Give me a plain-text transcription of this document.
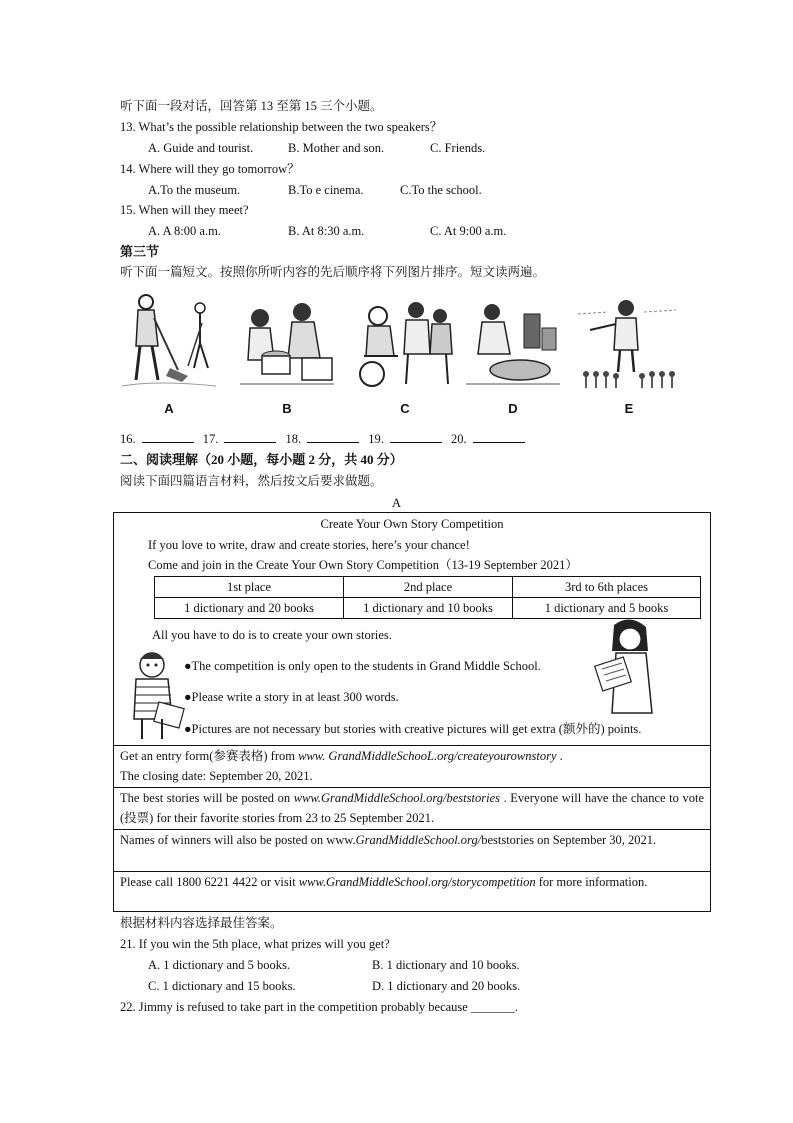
听下面一段对话，回答第 13 至第 15 三个小题。
13. What’s the possible relationship between the two speakers？
A. Guide and tourist.	B. Mother and son.	C. Friends.
14. Where will they go tomorrow？
A.To the museum.	B.To e cinema.	C.To the school.
15. When will they meet?
A. A 8:00 a.m.	B. At 8:30 a.m.	C. At 9:00 a.m.
第三节
听下面一篇短文。按照你所听内容的先后顺序将下列图片排序。短文读两遍。
A	B	C	D	E
16.	17.	18.	19.	20.
二、阅读理解（20 小题，每小题 2 分，共 40 分）
阅读下面四篇语言材料，然后按文后要求做题。
A
Create Your Own Story Competition
If you love to write, draw and create stories, here’s your chance!
Come and join in the Create Your Own Story Competition（13-19 September 2021）
1st place	2nd place	3rd to 6th places
1 dictionary and 20 books	1 dictionary and 10 books	1 dictionary and 5 books
All you have to do is to create your own stories.
●The competition is only open to the students in Grand Middle School.
●Please write a story in at least 300 words.
●Pictures are not necessary but stories with creative pictures will get extra (额外的) points.
Get an entry form(参赛表格) from www. GrandMiddleSchooL.org/createyourownstory .
The closing date: September 20, 2021.
The best stories will be posted on www.GrandMiddleSchool.org/beststories . Everyone will have the chance to vote (投票) for their favorite stories from 23 to 25 September 2021.
Names of winners will also be posted on www.GrandMiddleSchool.org/beststories on September 30, 2021.
Please call 1800 6221 4422 or visit www.GrandMiddleSchool.org/storycompetition for more information.
根据材料内容选择最佳答案。
21. If you win the 5th place, what prizes will you get?
A. 1 dictionary and 5 books.	B. 1 dictionary and 10 books.
C. 1 dictionary and 15 books.	D. 1 dictionary and 20 books.
22. Jimmy is refused to take part in the competition probably because _______.
